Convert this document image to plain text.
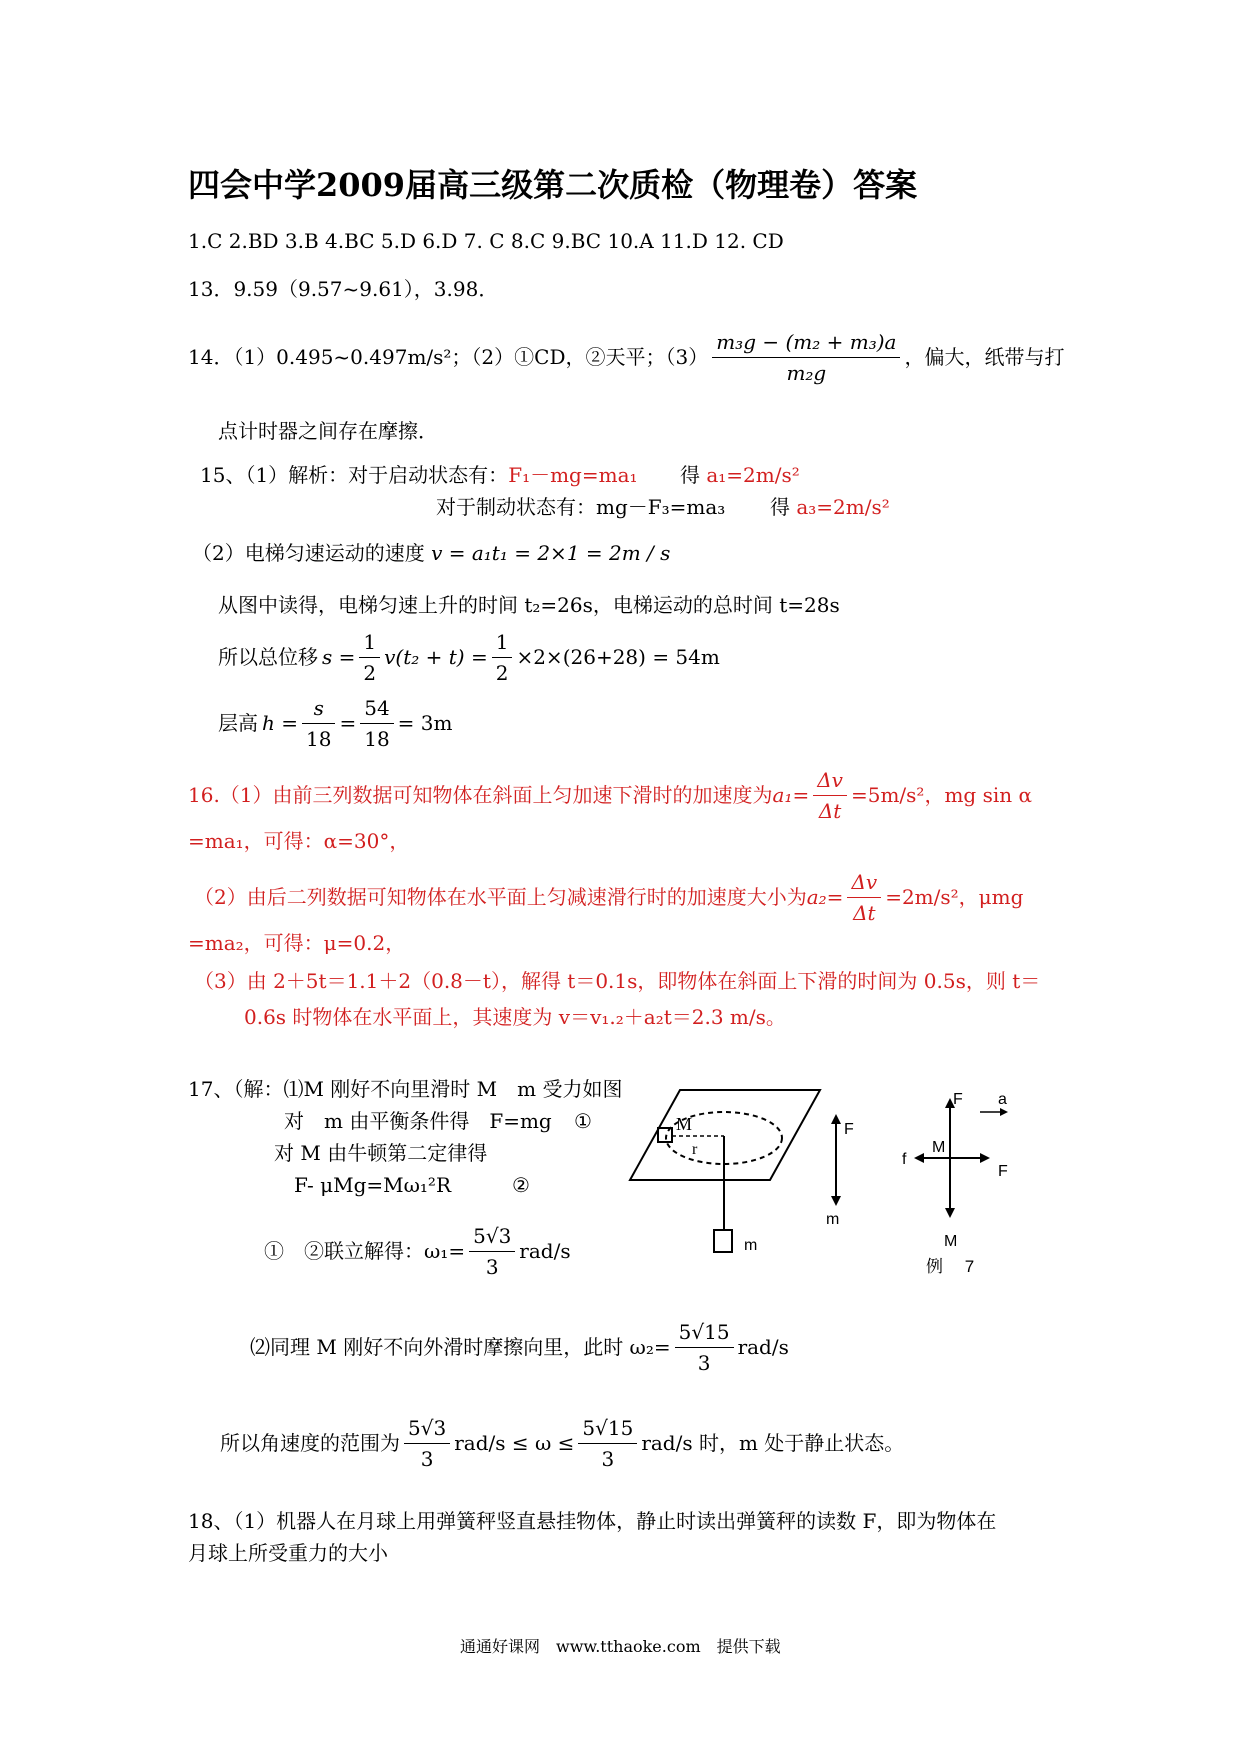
四会中学2009届高三级第二次质检（物理卷）答案
1.C 2.BD 3.B 4.BC 5.D 6.D 7. C 8.C 9.BC 10.A 11.D 12. CD
13．9.59（9.57~9.61），3.98．
14．（1）0.495~0.497m/s²；（2）①CD，②天平；$(3) \frac{\text{m₃g − (m₂ + m₃)a}}{\text{m₂g}}$ ，偏大，纸带与打
点计时器之间存在摩擦．
15、（1）解析：对于启动状态有：F₁－mg=ma₁ 得 a₁=2m/s²
对于制动状态有：mg－F₃=ma₃ 得 a₃=2m/s²
（2）电梯匀速运动的速度 v = a₁t₁ = 2×1 = 2m / s
从图中读得，电梯匀速上升的时间 t₂=26s，电梯运动的总时间 t=28s
所以总位移 $s = \frac{1}{2} v(t_2 + t) = \frac{1}{2} \times 2\times(26+28) = 54m$
层高 $h = \frac{s}{18} = \frac{54}{18} = 3m$
16.（1）由前三列数据可知物体在斜面上匀加速下滑时的加速度为 $a_1= \frac{\Delta v}{\Delta t} =5m/s^2$，mg sin α
=ma₁，可得：α=30°，
（2）由后二列数据可知物体在水平面上匀减速滑行时的加速度大小为 $a_2= \frac{\Delta v}{\Delta t} =2m/s^2$，μmg
=ma₂，可得：μ=0.2，
（3）由 2＋5t＝1.1＋2（0.8－t），解得 t＝0.1s，即物体在斜面上下滑的时间为 0.5s，则 t＝
0.6s 时物体在水平面上，其速度为 v＝v₁.₂＋a₂t＝2.3 m/s。
17、（解：⑴M 刚好不向里滑时 M　m 受力如图
对　m 由平衡条件得　F=mg ①
对 M 由牛顿第二定律得
F- μMg=Mω₁²R	②
①　②联立解得：$\omega_1= \frac{5√3}{3} rad/s$
⑵同理 M 刚好不向外滑时摩擦向里，此时 $\omega_2= \frac{5√15}{3} rad/s$
所以角速度的范围为 $\frac{5√3}{3} rad/s \le \omega \le \frac{5√15}{3} rad/s$ 时，m 处于静止状态。
M
r
m
F
m
F a
M
f
F
M
例　 7
18、（1）机器人在月球上用弹簧秤竖直悬挂物体，静止时读出弹簧秤的读数 F，即为物体在
月球上所受重力的大小
通通好课网　www.tthaoke.com　提供下载
